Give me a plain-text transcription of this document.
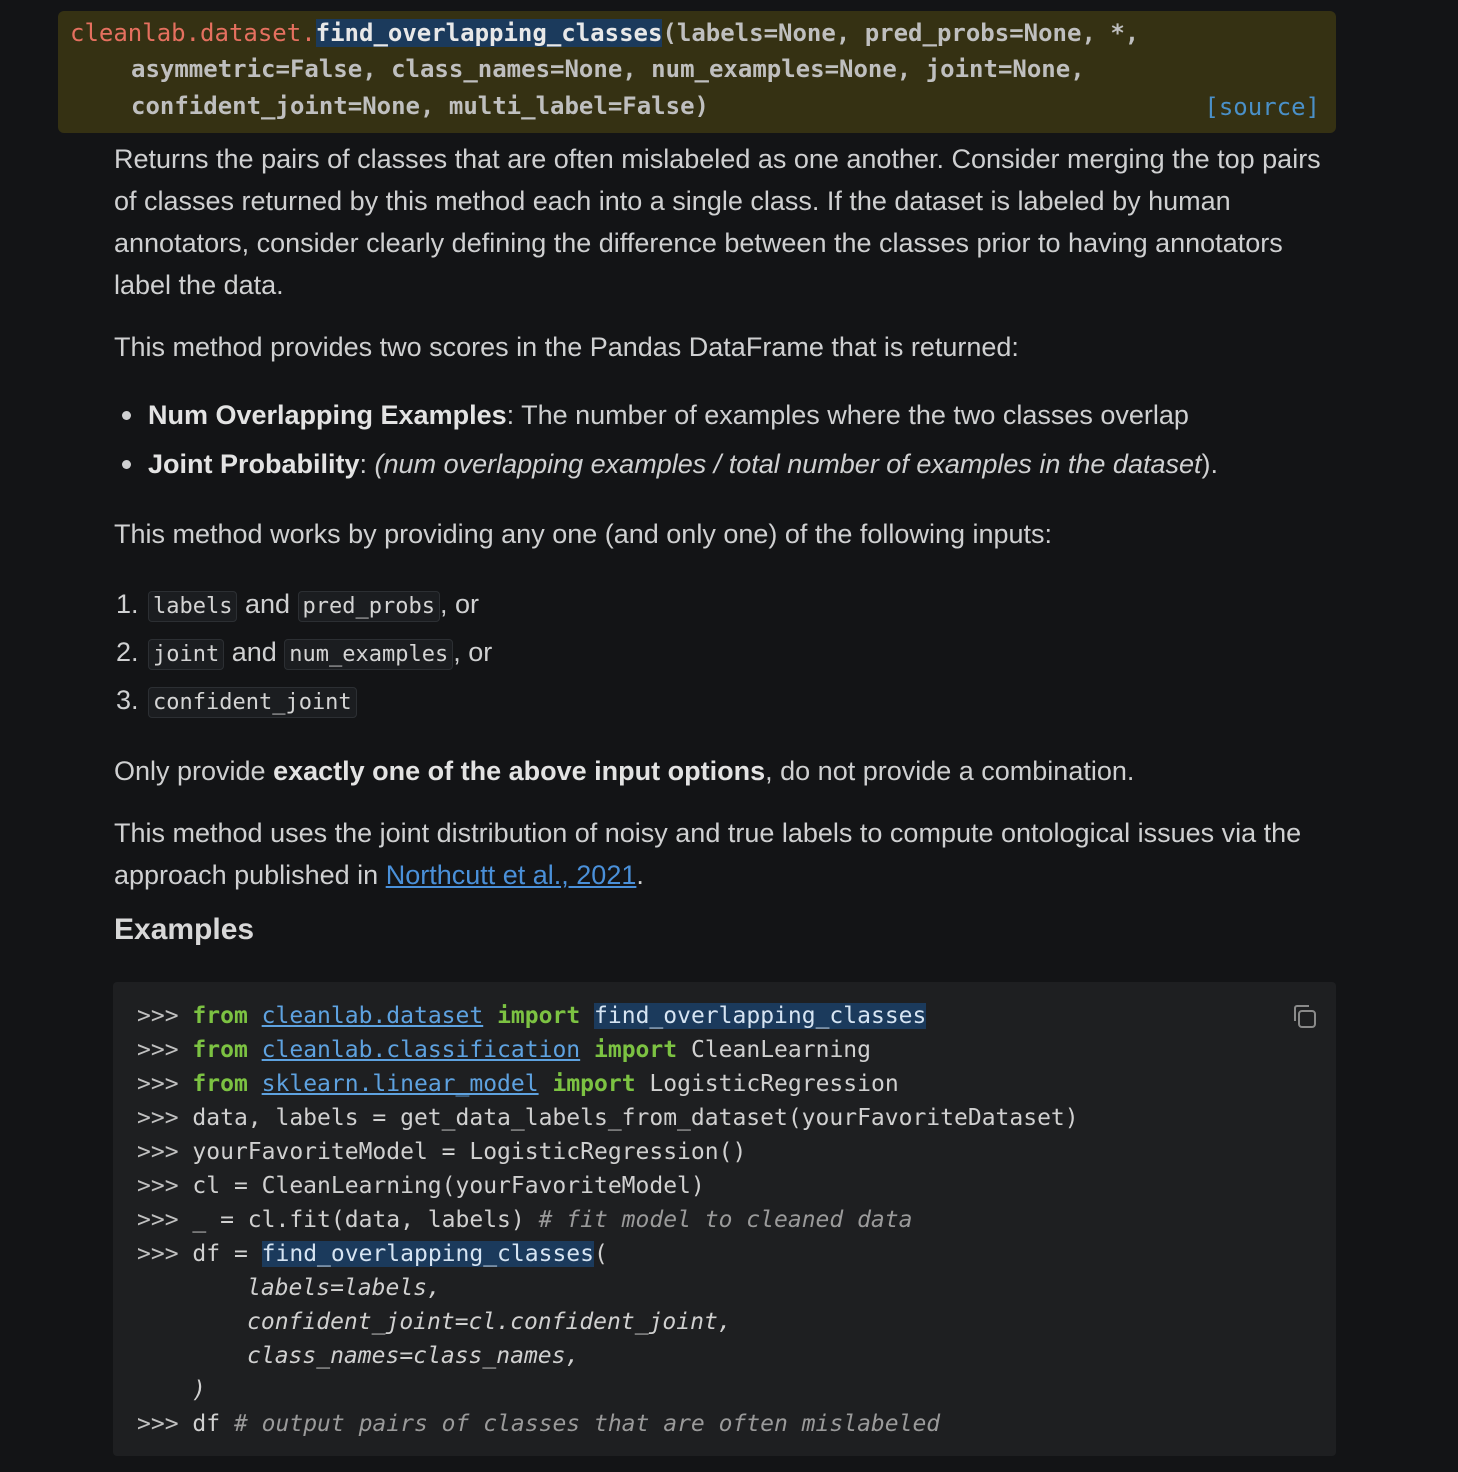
cleanlab.dataset.find_overlapping_classes(labels=None, pred_probs=None, *,
asymmetric=False, class_names=None, num_examples=None, joint=None,
confident_joint=None, multi_label=False)	[source]

Returns the pairs of classes that are often mislabeled as one another. Consider merging the top pairs of classes returned by this method each into a single class. If the dataset is labeled by human annotators, consider clearly defining the difference between the classes prior to having annotators label the data.

This method provides two scores in the Pandas DataFrame that is returned:

Num Overlapping Examples: The number of examples where the two classes overlap
Joint Probability: (num overlapping examples / total number of examples in the dataset).

This method works by providing any one (and only one) of the following inputs:

1. labels and pred_probs , or
2. joint and num_examples , or
3. confident_joint

Only provide exactly one of the above input options, do not provide a combination.

This method uses the joint distribution of noisy and true labels to compute ontological issues via the approach published in Northcutt et al., 2021.

Examples
>>> from cleanlab.dataset import find_overlapping_classes
>>> from cleanlab.classification import CleanLearning
>>> from sklearn.linear_model import LogisticRegression
>>> data, labels = get_data_labels_from_dataset(yourFavoriteDataset)
>>> yourFavoriteModel = LogisticRegression()
>>> cl = CleanLearning(yourFavoriteModel)
>>> _ = cl.fit(data, labels) # fit model to cleaned data
>>> df = find_overlapping_classes(
labels=labels,
confident_joint=cl.confident_joint,
class_names=class_names,
)
>>> df # output pairs of classes that are often mislabeled
